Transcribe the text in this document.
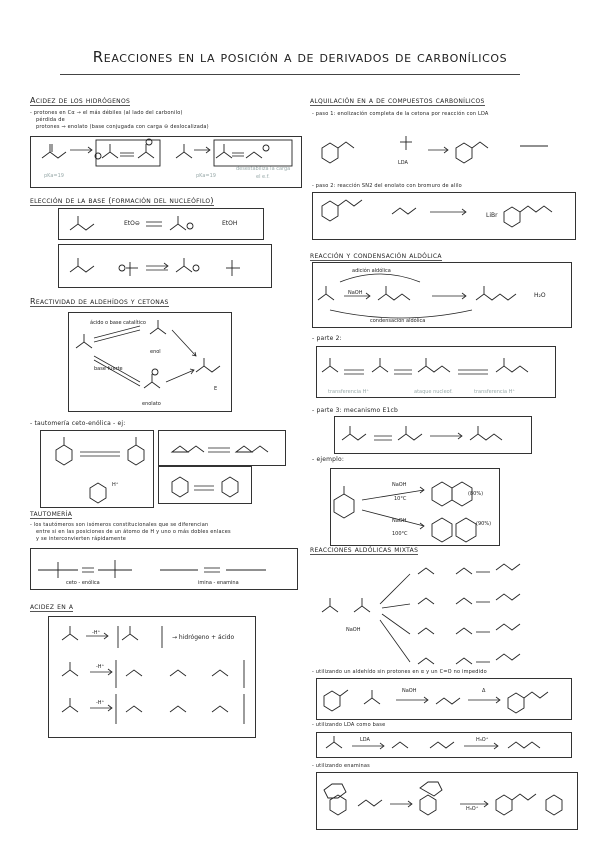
Reacciones en la posición α de derivados de carbonílicos
Acidez de los hidrógenos
- protones en Cα → el más débiles (al lado del carbonilo)
pérdida de
protones ⇒ enolato (base conjugada con carga ⊖ deslocalizada)
pKa=19	pKa=19
desestabiliza la carga
el e.f.
elección de la base (formación del nucleófilo)
EtO⊖	EtOH
Reactividad de aldehídos y cetonas
ácido o base catalítico
enol
base fuerte
enolato
E
- tautomería ceto-enólica - ej:
H⁺
tautomería
- los tautómeros son isómeros constitucionales que se diferencian
entre si en las posiciones de un átomo de H y uno o más dobles enlaces
y se interconvierten rápidamente
ceto - enólica	imina - enamina
acidez en α
→ hidrógeno + ácido
-H⁺
-H⁺
-H⁺
alquilación en α de compuestos carbonílicos
- paso 1: enolización completa de la cetona por reacción con LDA
LDA
- paso 2: reacción SN2 del enolato con bromuro de alilo
LiBr
reacción y condensación aldólica
adición aldólica
NaOH	H₂O
condensación aldólica
- parte 2:
transferencia H⁺	ataque nucleof.	transferencia H⁺
- parte 3: mecanismo E1cb
- ejemplo:
NaOH
10°C
NaOH
100°C
(80%)
(90%)
reacciones aldólicas mixtas
NaOH
- utilizando un aldehído sin protones en α y un C=O no impedido
NaOH	Δ
- utilizando LDA como base
LDA	H₃O⁺
- utilizando enaminas
H₃O⁺
